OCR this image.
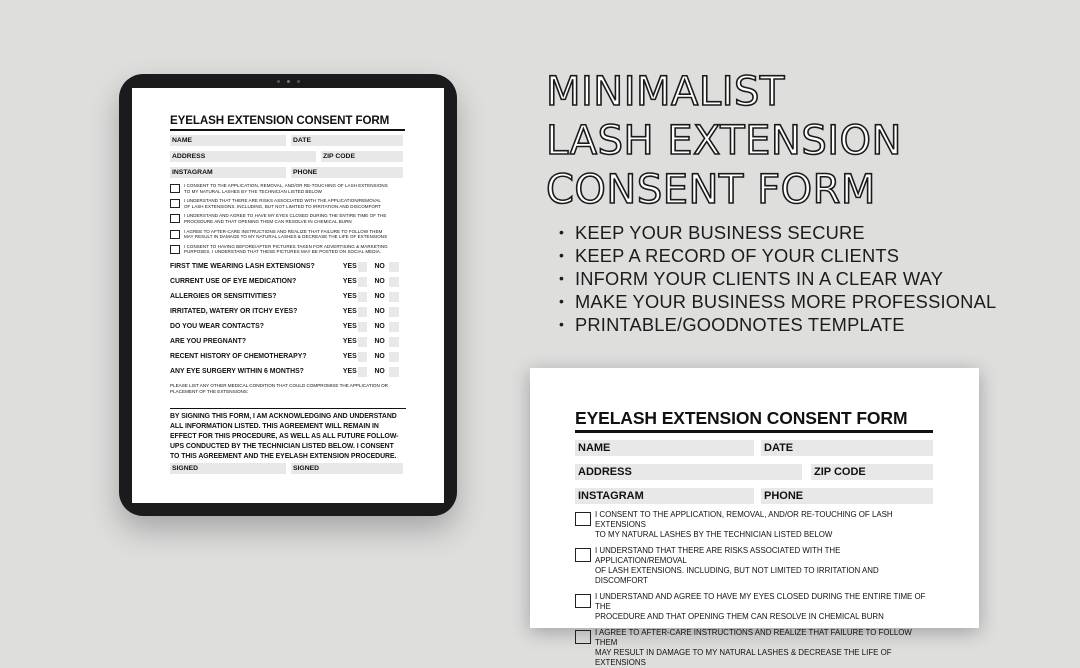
EYELASH EXTENSION CONSENT FORM
NAME	DATE
ADDRESS	ZIP CODE
INSTAGRAM	PHONE
I CONSENT TO THE APPLICATION, REMOVAL, AND/OR RE-TOUCHING OF LASH EXTENSIONS
TO MY NATURAL LASHES BY THE TECHNICIAN LISTED BELOW
I UNDERSTAND THAT THERE ARE RISKS ASSOCIATED WITH THE APPLICATION/REMOVAL
OF LASH EXTENSIONS. INCLUDING, BUT NOT LIMITED TO IRRITATION AND DISCOMFORT
I UNDERSTAND AND AGREE TO HAVE MY EYES CLOSED DURING THE ENTIRE TIME OF THE
PROCEDURE AND THAT OPENING THEM CAN RESOLVE IN CHEMICAL BURN
I AGREE TO AFTER-CARE INSTRUCTIONS AND REALIZE THAT FAILURE TO FOLLOW THEM
MAY RESULT IN DAMAGE TO MY NATURAL LASHES & DECREASE THE LIFE OF EXTENSIONS
I CONSENT TO HAVING BEFORE/AFTER PICTURES TAKEN FOR ADVERTISING & MARKETING
PURPOSES. I UNDERSTAND THAT THESE PICTURES MAY BE POSTED ON SOCIAL MEDIA.
FIRST TIME WEARING LASH EXTENSIONS?	YES	NO
CURRENT USE OF EYE MEDICATION?	YES	NO
ALLERGIES OR SENSITIVITIES?	YES	NO
IRRITATED, WATERY OR ITCHY EYES?	YES	NO
DO YOU WEAR CONTACTS?	YES	NO
ARE YOU PREGNANT?	YES	NO
RECENT HISTORY OF CHEMOTHERAPY?	YES	NO
ANY EYE SURGERY WITHIN 6 MONTHS?	YES	NO
PLEASE LIST ANY OTHER MEDICAL CONDITION THAT COULD COMPROMISE THE APPLICATION OR
PLACEMENT OF THE EXTENSIONS:
BY SIGNING THIS FORM, I AM ACKNOWLEDGING AND UNDERSTAND
ALL INFORMATION LISTED. THIS AGREEMENT WILL REMAIN IN
EFFECT FOR THIS PROCEDURE, AS WELL AS ALL FUTURE FOLLOW-
UPS CONDUCTED BY THE TECHNICIAN LISTED BELOW. I CONSENT
TO THIS AGREEMENT AND THE EYELASH EXTENSION PROCEDURE.
SIGNED	SIGNED
MINIMALIST
LASH EXTENSION
CONSENT FORM
• KEEP YOUR BUSINESS SECURE
• KEEP A RECORD OF YOUR CLIENTS
• INFORM YOUR CLIENTS IN A CLEAR WAY
• MAKE YOUR BUSINESS MORE PROFESSIONAL
• PRINTABLE/GOODNOTES TEMPLATE
EYELASH EXTENSION CONSENT FORM
NAME	DATE
ADDRESS	ZIP CODE
INSTAGRAM	PHONE
I CONSENT TO THE APPLICATION, REMOVAL, AND/OR RE-TOUCHING OF LASH EXTENSIONS
TO MY NATURAL LASHES BY THE TECHNICIAN LISTED BELOW
I UNDERSTAND THAT THERE ARE RISKS ASSOCIATED WITH THE APPLICATION/REMOVAL
OF LASH EXTENSIONS. INCLUDING, BUT NOT LIMITED TO IRRITATION AND DISCOMFORT
I UNDERSTAND AND AGREE TO HAVE MY EYES CLOSED DURING THE ENTIRE TIME OF THE
PROCEDURE AND THAT OPENING THEM CAN RESOLVE IN CHEMICAL BURN
I AGREE TO AFTER-CARE INSTRUCTIONS AND REALIZE THAT FAILURE TO FOLLOW THEM
MAY RESULT IN DAMAGE TO MY NATURAL LASHES & DECREASE THE LIFE OF EXTENSIONS
